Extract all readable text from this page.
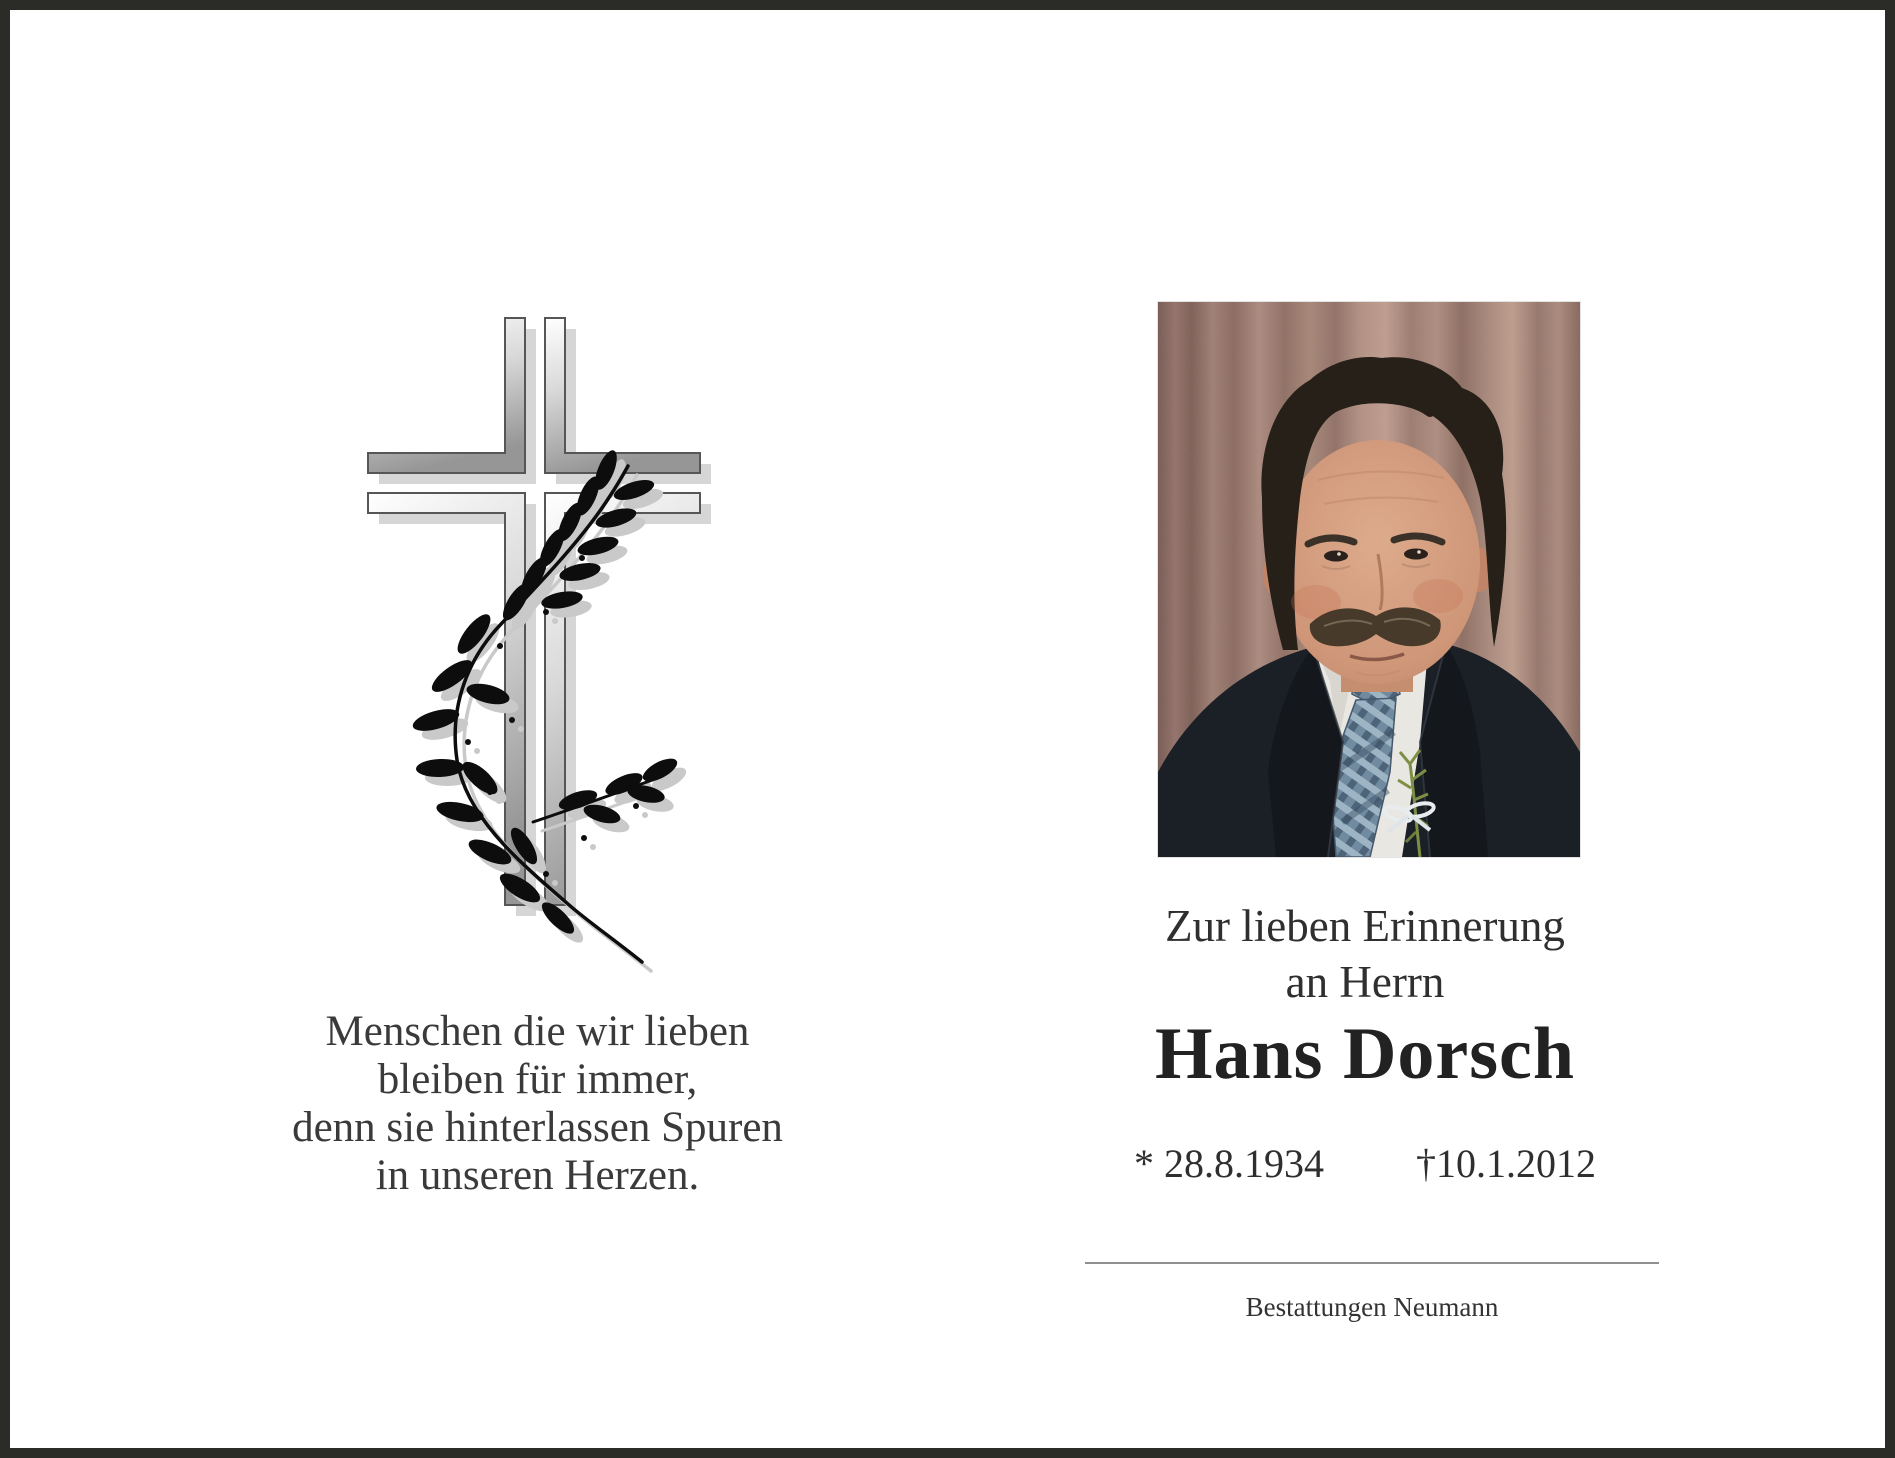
Menschen die wir lieben
bleiben für immer,
denn sie hinterlassen Spuren
in unseren Herzen.
Zur lieben Erinnerung
an Herrn
Hans Dorsch
* 28.8.1934 †10.1.2012
Bestattungen Neumann
